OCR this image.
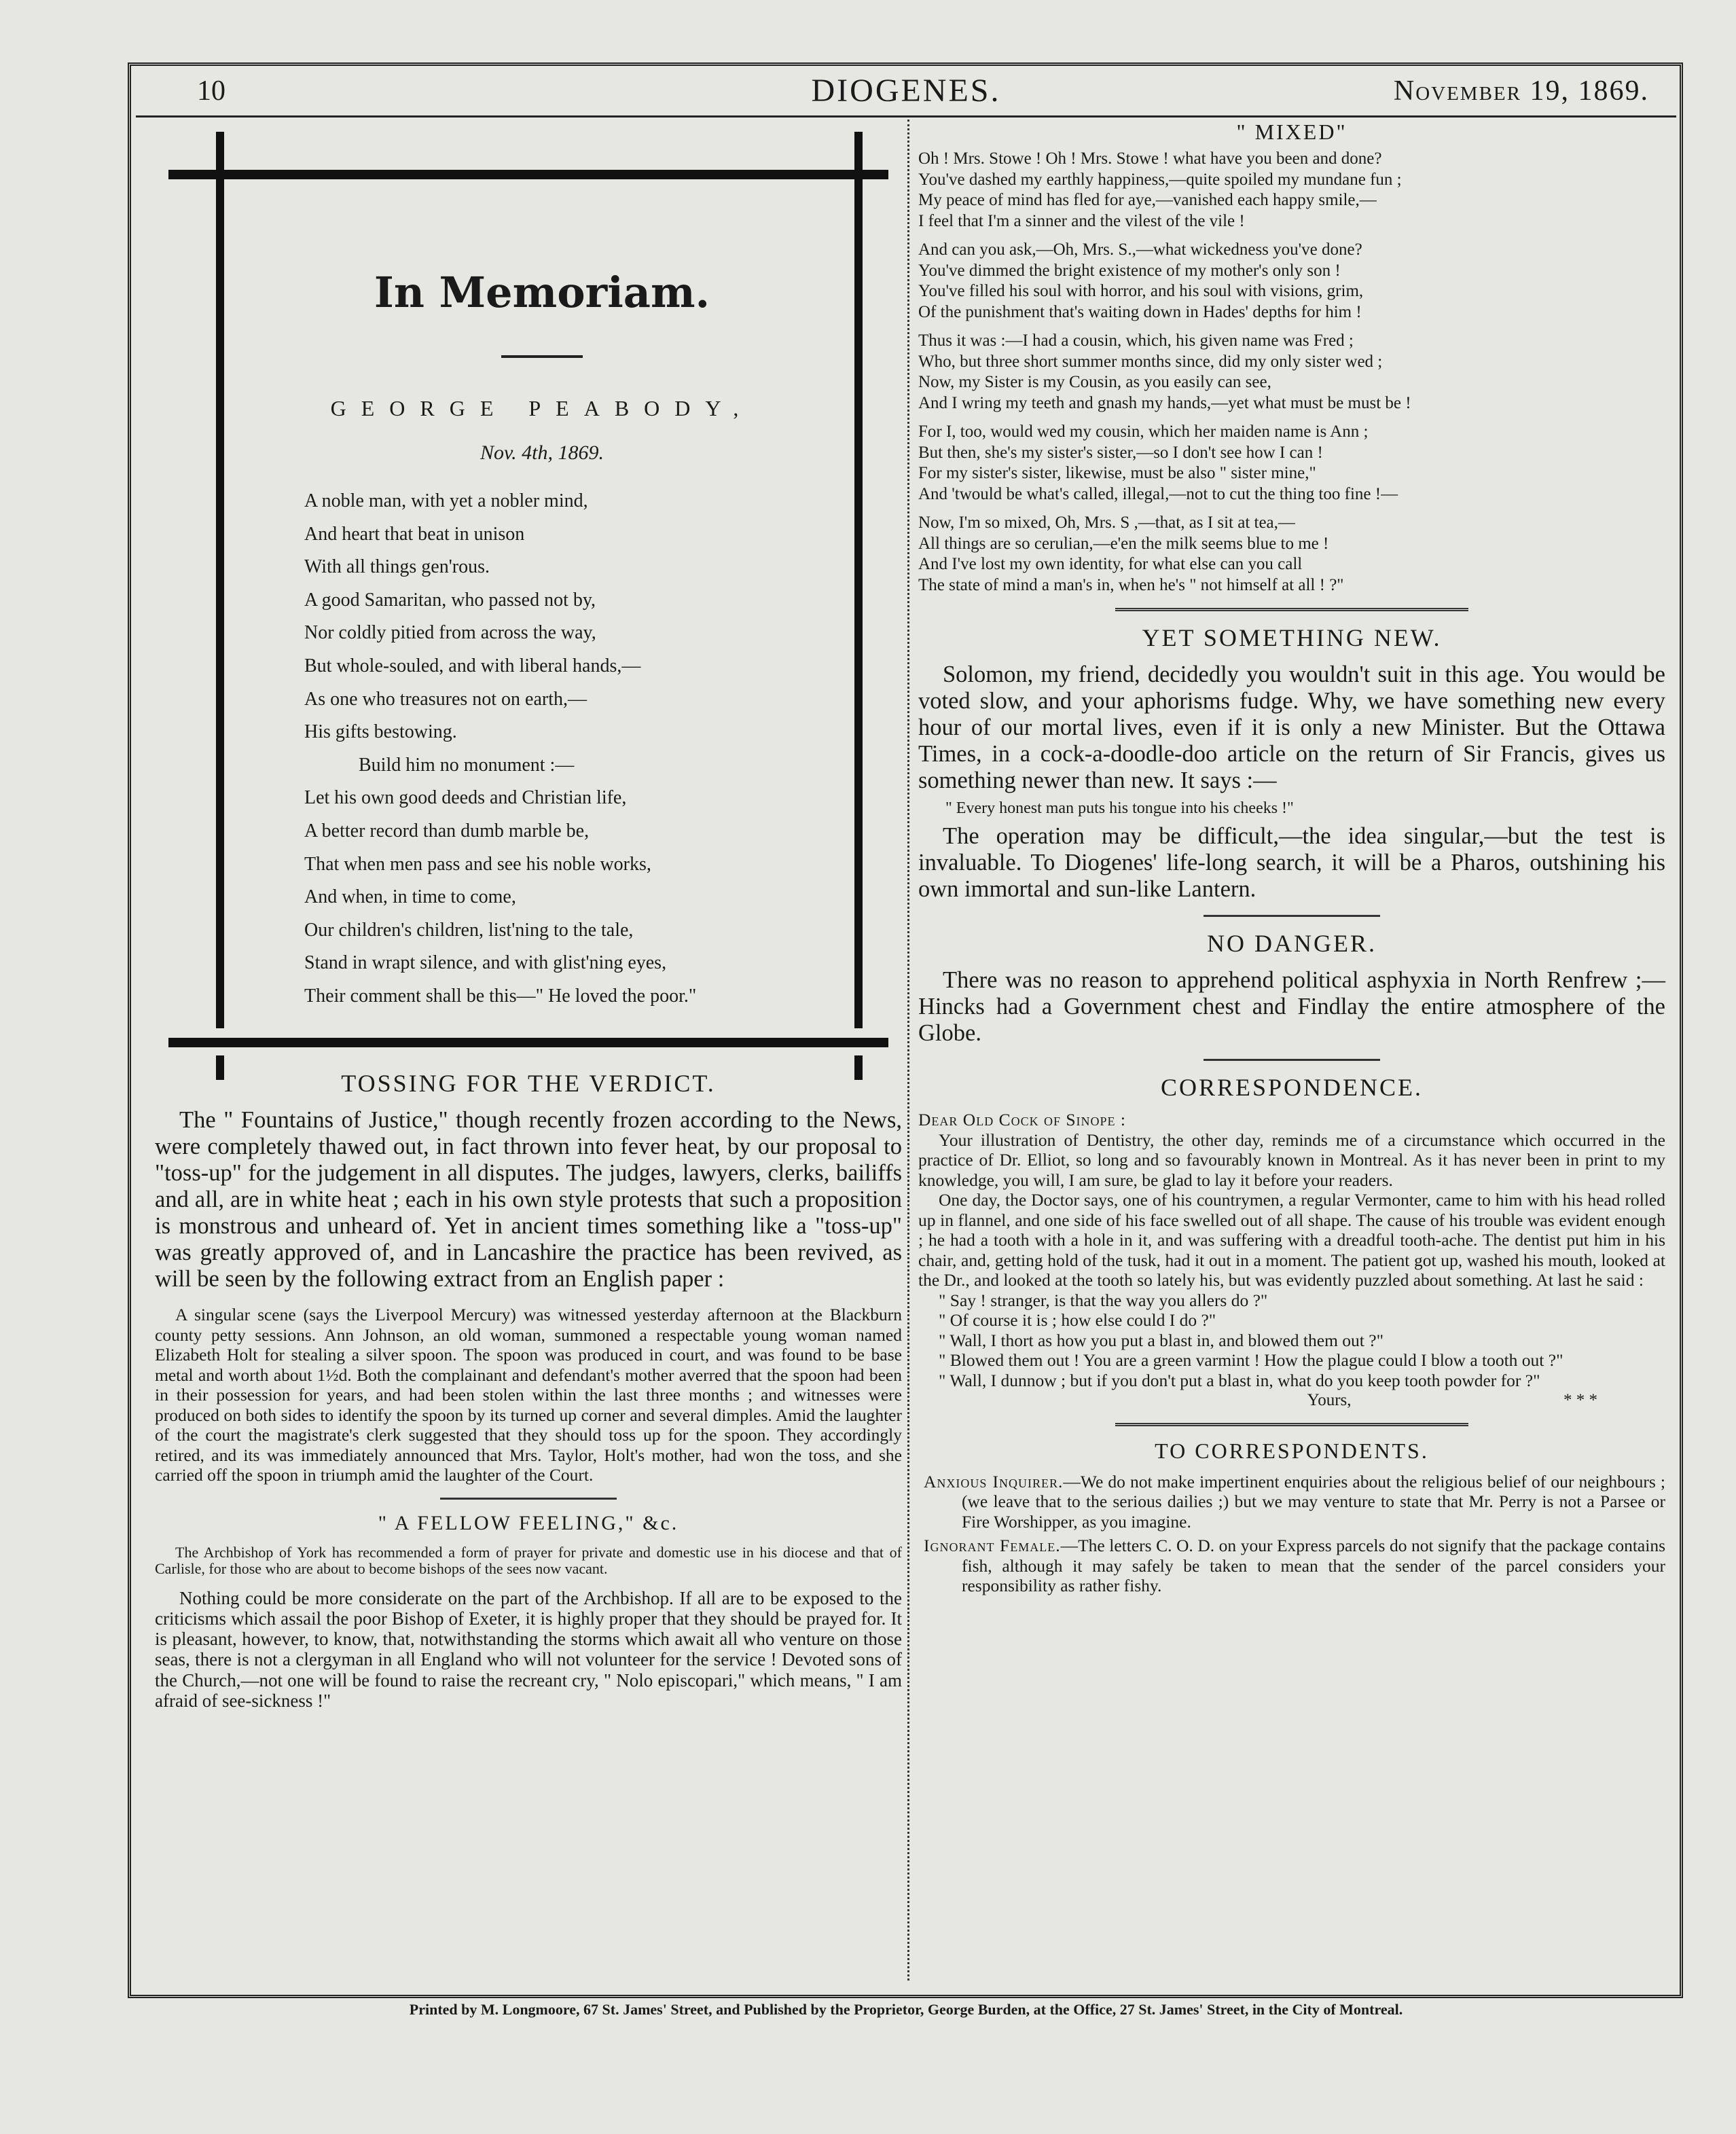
10	DIOGENES.	November 19, 1869.
In Memoriam.
GEORGE PEABODY,
Nov. 4th, 1869.
A noble man, with yet a nobler mind,
And heart that beat in unison
With all things gen'rous.
A good Samaritan, who passed not by,
Nor coldly pitied from across the way,
But whole-souled, and with liberal hands,—
As one who treasures not on earth,—
His gifts bestowing.
Build him no monument :—
Let his own good deeds and Christian life,
A better record than dumb marble be,
That when men pass and see his noble works,
And when, in time to come,
Our children's children, list'ning to the tale,
Stand in wrapt silence, and with glist'ning eyes,
Their comment shall be this—" He loved the poor."
TOSSING FOR THE VERDICT.

The " Fountains of Justice," though recently frozen according to the News, were completely thawed out, in fact thrown into fever heat, by our proposal to "toss-up" for the judgement in all disputes. The judges, lawyers, clerks, bailiffs and all, are in white heat ; each in his own style protests that such a proposition is monstrous and unheard of. Yet in ancient times something like a "toss-up" was greatly approved of, and in Lancashire the practice has been revived, as will be seen by the following extract from an English paper :

A singular scene (says the Liverpool Mercury) was witnessed yesterday afternoon at the Blackburn county petty sessions. Ann Johnson, an old woman, summoned a respectable young woman named Elizabeth Holt for stealing a silver spoon. The spoon was produced in court, and was found to be base metal and worth about 1½d. Both the complainant and defendant's mother averred that the spoon had been in their possession for years, and had been stolen within the last three months ; and witnesses were produced on both sides to identify the spoon by its turned up corner and several dimples. Amid the laughter of the court the magistrate's clerk suggested that they should toss up for the spoon. They accordingly retired, and its was immediately announced that Mrs. Taylor, Holt's mother, had won the toss, and she carried off the spoon in triumph amid the laughter of the Court.

" A FELLOW FEELING," &c.

The Archbishop of York has recommended a form of prayer for private and domestic use in his diocese and that of Carlisle, for those who are about to become bishops of the sees now vacant.

Nothing could be more considerate on the part of the Archbishop. If all are to be exposed to the criticisms which assail the poor Bishop of Exeter, it is highly proper that they should be prayed for. It is pleasant, however, to know, that, notwithstanding the storms which await all who venture on those seas, there is not a clergyman in all England who will not volunteer for the service ! Devoted sons of the Church,—not one will be found to raise the recreant cry, " Nolo episcopari," which means, " I am afraid of see-sickness !"

" MIXED"
Oh ! Mrs. Stowe ! Oh ! Mrs. Stowe ! what have you been and done?
You've dashed my earthly happiness,—quite spoiled my mundane fun ;
My peace of mind has fled for aye,—vanished each happy smile,—
I feel that I'm a sinner and the vilest of the vile !
And can you ask,—Oh, Mrs. S.,—what wickedness you've done?
You've dimmed the bright existence of my mother's only son !
You've filled his soul with horror, and his soul with visions, grim,
Of the punishment that's waiting down in Hades' depths for him !
Thus it was :—I had a cousin, which, his given name was Fred ;
Who, but three short summer months since, did my only sister wed ;
Now, my Sister is my Cousin, as you easily can see,
And I wring my teeth and gnash my hands,—yet what must be must be !
For I, too, would wed my cousin, which her maiden name is Ann ;
But then, she's my sister's sister,—so I don't see how I can !
For my sister's sister, likewise, must be also " sister mine,"
And 'twould be what's called, illegal,—not to cut the thing too fine !—
Now, I'm so mixed, Oh, Mrs. S ,—that, as I sit at tea,—
All things are so cerulian,—e'en the milk seems blue to me !
And I've lost my own identity, for what else can you call
The state of mind a man's in, when he's " not himself at all ! ?"
YET SOMETHING NEW.

Solomon, my friend, decidedly you wouldn't suit in this age. You would be voted slow, and your aphorisms fudge. Why, we have something new every hour of our mortal lives, even if it is only a new Minister. But the Ottawa Times, in a cock-a-doodle-doo article on the return of Sir Francis, gives us something newer than new. It says :—

" Every honest man puts his tongue into his cheeks !"

The operation may be difficult,—the idea singular,—but the test is invaluable. To Diogenes' life-long search, it will be a Pharos, outshining his own immortal and sun-like Lantern.

NO DANGER.

There was no reason to apprehend political asphyxia in North Renfrew ;—Hincks had a Government chest and Findlay the entire atmosphere of the Globe.

CORRESPONDENCE.
Dear Old Cock of Sinope :

Your illustration of Dentistry, the other day, reminds me of a circumstance which occurred in the practice of Dr. Elliot, so long and so favourably known in Montreal. As it has never been in print to my knowledge, you will, I am sure, be glad to lay it before your readers.

One day, the Doctor says, one of his countrymen, a regular Vermonter, came to him with his head rolled up in flannel, and one side of his face swelled out of all shape. The cause of his trouble was evident enough ; he had a tooth with a hole in it, and was suffering with a dreadful tooth-ache. The dentist put him in his chair, and, getting hold of the tusk, had it out in a moment. The patient got up, washed his mouth, looked at the Dr., and looked at the tooth so lately his, but was evidently puzzled about something. At last he said :

" Say ! stranger, is that the way you allers do ?"

" Of course it is ; how else could I do ?"

" Wall, I thort as how you put a blast in, and blowed them out ?"

" Blowed them out ! You are a green varmint ! How the plague could I blow a tooth out ?"

" Wall, I dunnow ; but if you don't put a blast in, what do you keep tooth powder for ?"

Yours,	* * *
TO CORRESPONDENTS.

Anxious Inquirer.—We do not make impertinent enquiries about the religious belief of our neighbours ; (we leave that to the serious dailies ;) but we may venture to state that Mr. Perry is not a Parsee or Fire Worshipper, as you imagine.

Ignorant Female.—The letters C. O. D. on your Express parcels do not signify that the package contains fish, although it may safely be taken to mean that the sender of the parcel considers your responsibility as rather fishy.

Printed by M. Longmoore, 67 St. James' Street, and Published by the Proprietor, George Burden, at the Office, 27 St. James' Street, in the City of Montreal.
